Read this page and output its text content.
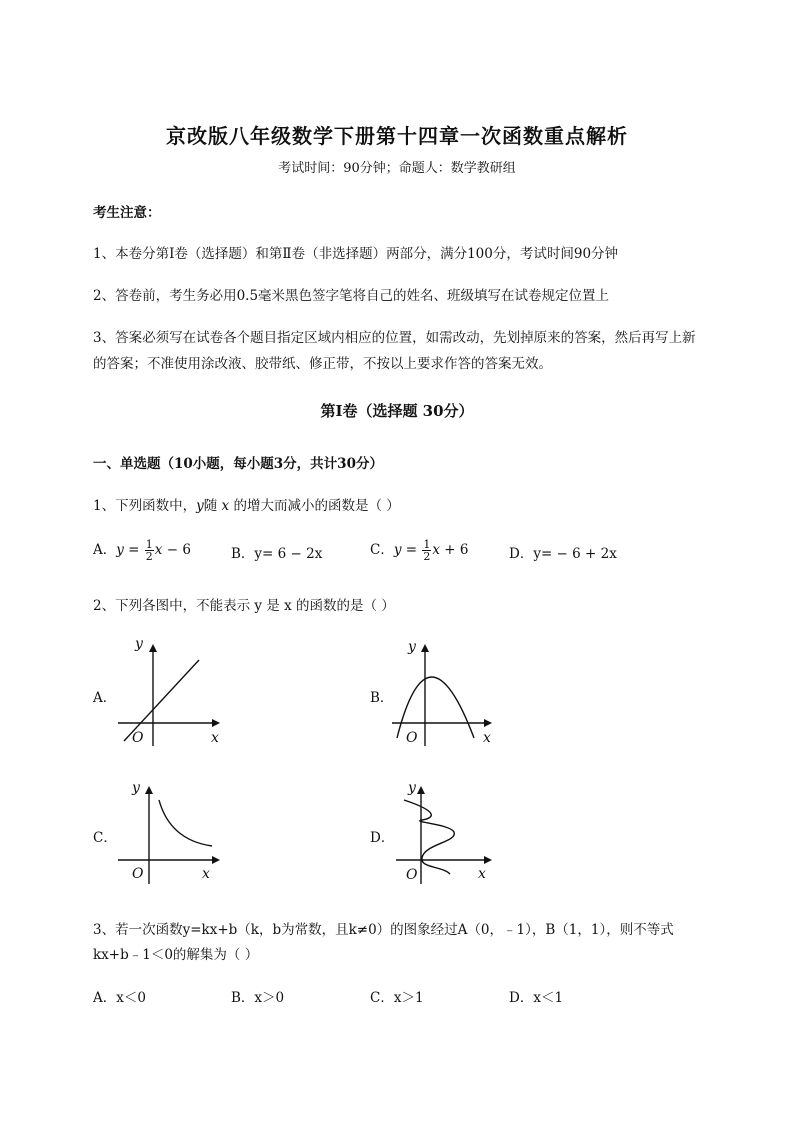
京改版八年级数学下册第十四章一次函数重点解析
考试时间：90分钟；命题人：数学教研组
考生注意：
1、本卷分第I卷（选择题）和第Ⅱ卷（非选择题）两部分，满分100分，考试时间90分钟
2、答卷前，考生务必用0.5毫米黑色签字笔将自己的姓名、班级填写在试卷规定位置上
3、答案必须写在试卷各个题目指定区域内相应的位置，如需改动，先划掉原来的答案，然后再写上新
的答案；不准使用涂改液、胶带纸、修正带，不按以上要求作答的答案无效。
第I卷（选择题 30分）
一、单选题（10小题，每小题3分，共计30分）
1、下列函数中，y随 x 的增大而减小的函数是（ ）
A．$y = \frac{1}{2}$ x − 6	B．y= 6 − 2x	C．$y = \frac{1}{2}$ x + 6	D．y= − 6 + 2x
2、下列各图中，不能表示 y 是 x 的函数的是（ ）
A．
y
x
O
B．
y
x
O
C．
y
x
O
D．
y
x
O
3、若一次函数y=kx+b（k，b为常数，且k≠0）的图象经过A（0，﹣1），B（1，1），则不等式
kx+b﹣1＜0的解集为（ ）
A．x＜0	B．x＞0	C．x＞1	D．x＜1
